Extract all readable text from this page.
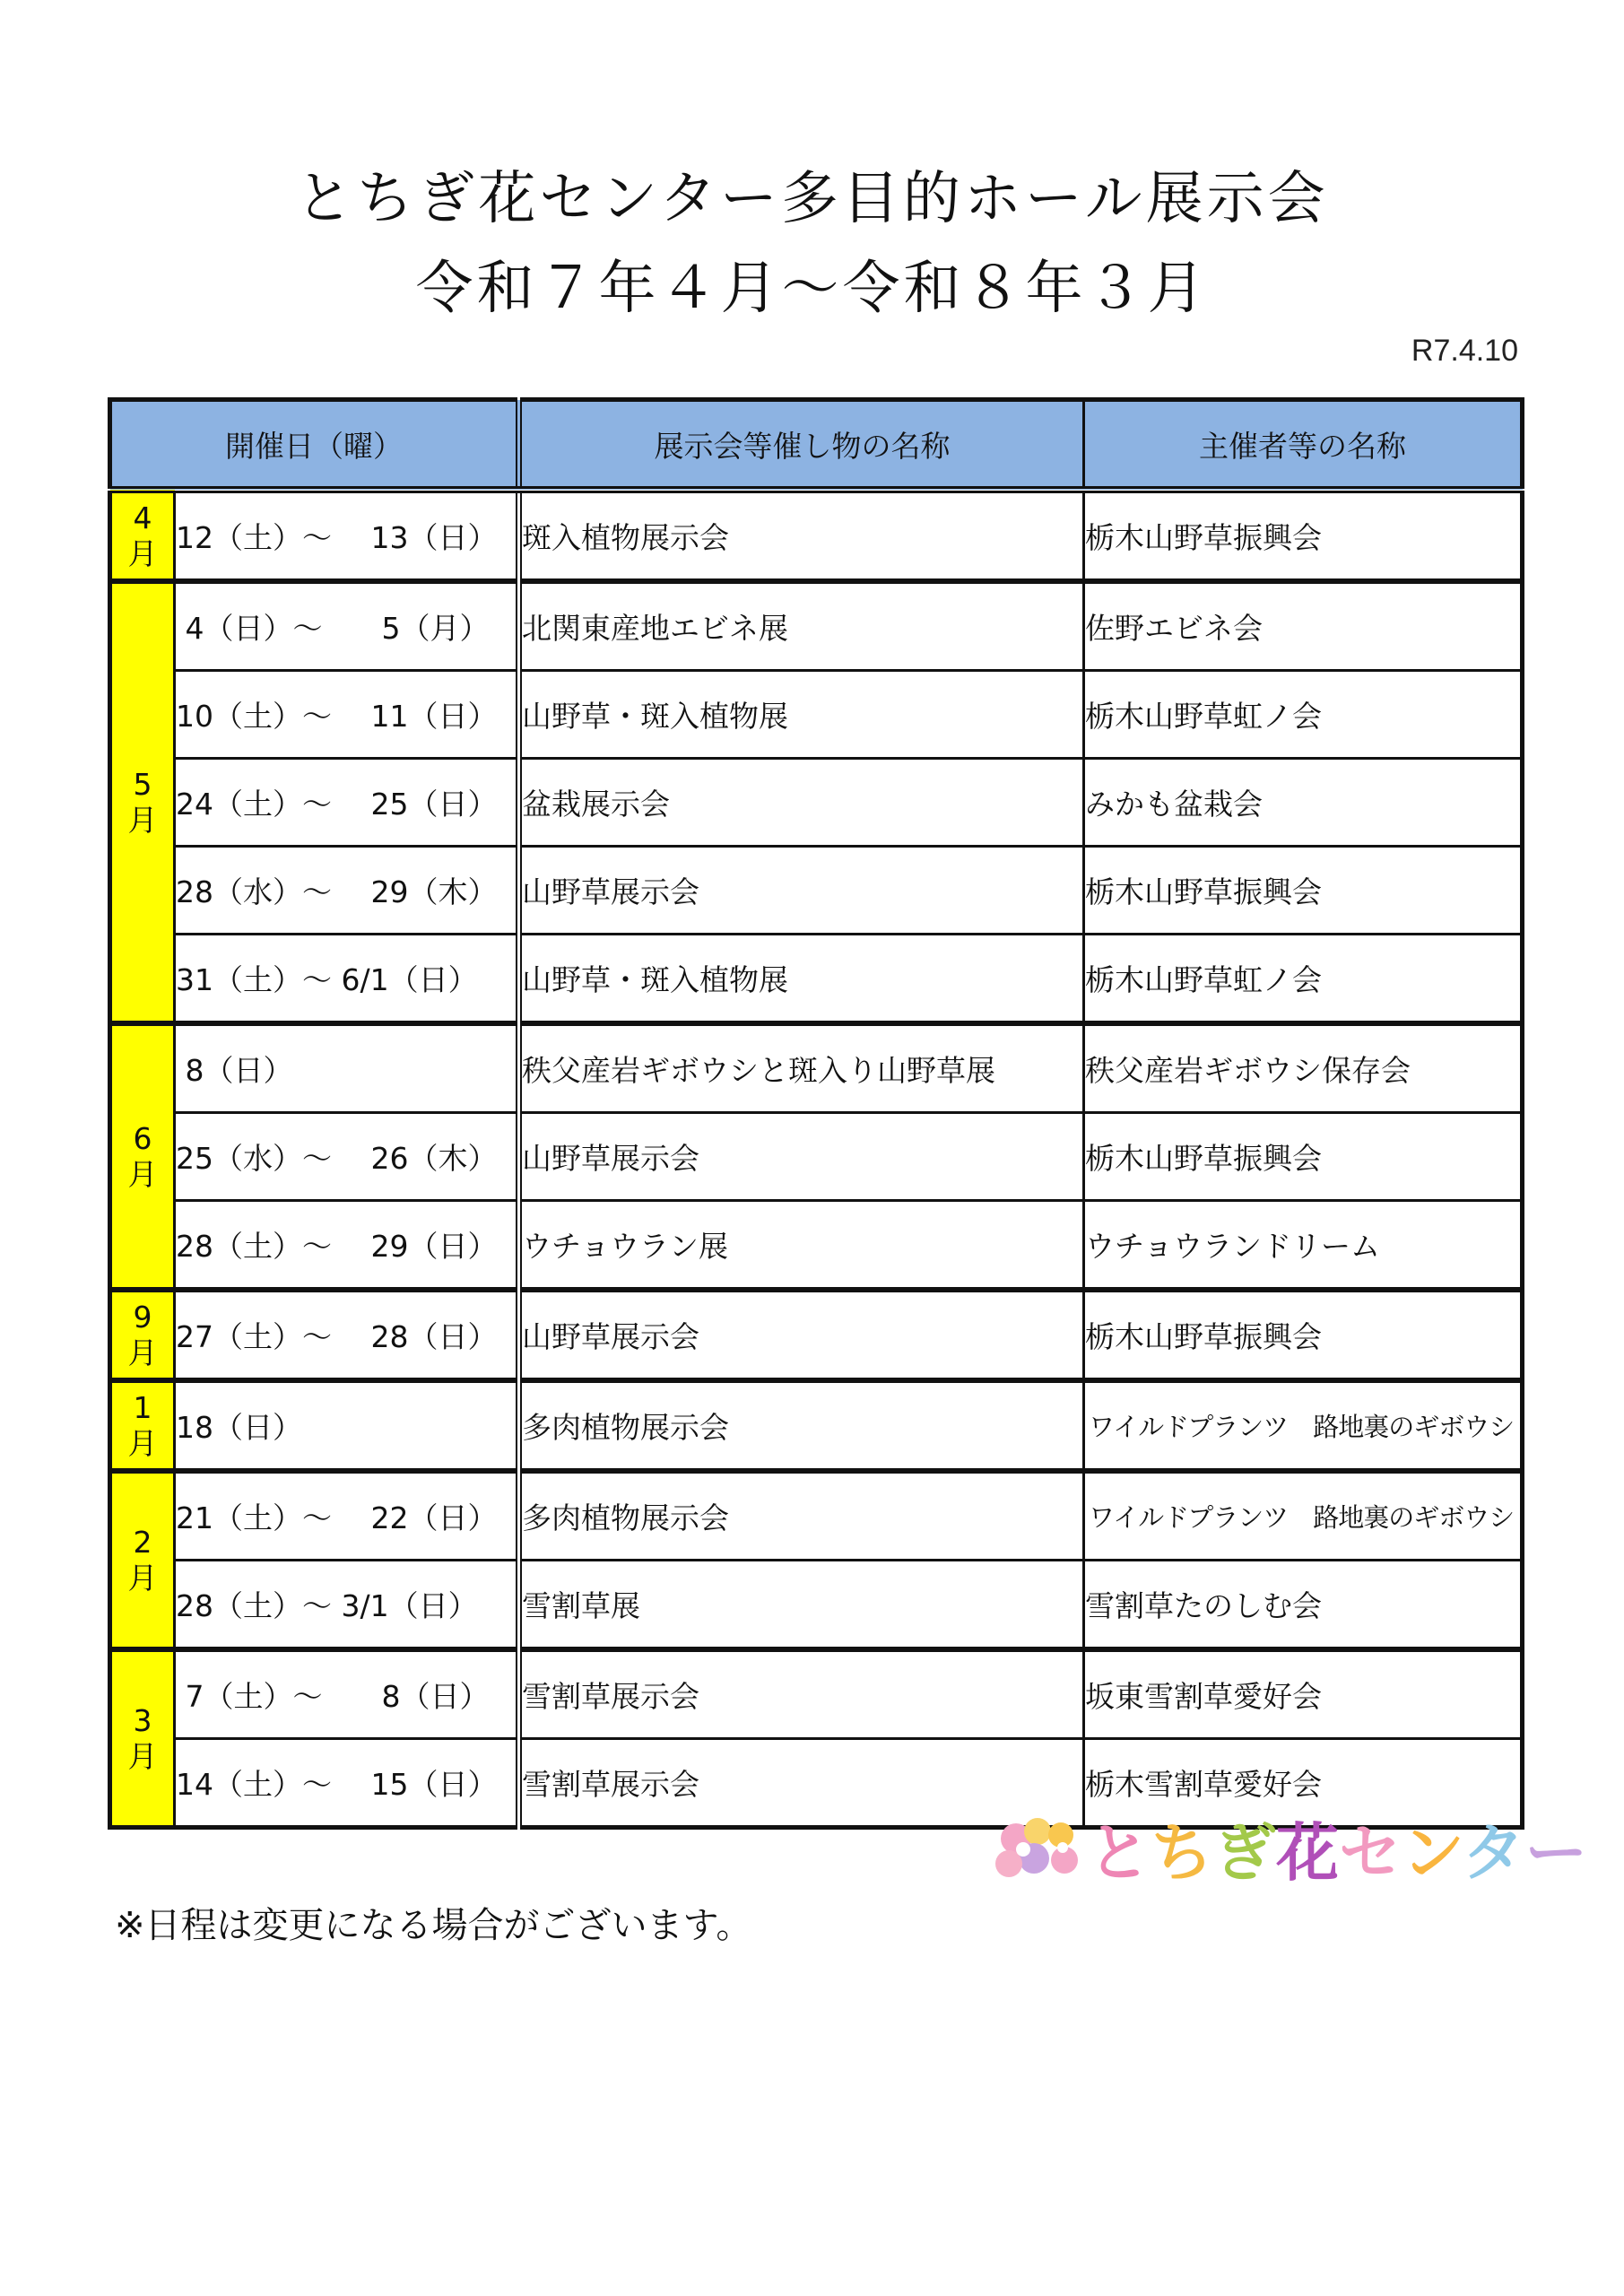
とちぎ花センター多目的ホール展示会
令和７年４月～令和８年３月
R7.4.10
開催日（曜）		展示会等催し物の名称	主催者等の名称

4
月	12（土）～　 13（日）	斑入植物展示会	栃木山野草振興会

5
月	4（日）～　　5（月）	北関東産地エビネ展	佐野エビネ会
	10（土）～　 11（日）	山野草・斑入植物展	栃木山野草虹ノ会
	24（土）～　 25（日）	盆栽展示会	みかも盆栽会
	28（水）～　 29（木）	山野草展示会	栃木山野草振興会
	31（土）～ 6/1（日）	山野草・斑入植物展	栃木山野草虹ノ会

6
月	8（日）	秩父産岩ギボウシと斑入り山野草展	秩父産岩ギボウシ保存会
	25（水）～　 26（木）	山野草展示会	栃木山野草振興会
	28（土）～　 29（日）	ウチョウラン展	ウチョウランドリーム

9
月	27（土）～　 28（日）	山野草展示会	栃木山野草振興会

1
月	18（日）	多肉植物展示会	ワイルドプランツ　路地裏のギボウシ

2
月	21（土）～　 22（日）	多肉植物展示会	ワイルドプランツ　路地裏のギボウシ
	28（土）～ 3/1（日）	雪割草展	雪割草たのしむ会

3
月	7（土）～　　8（日）	雪割草展示会	坂東雪割草愛好会
	14（土）～　 15（日）	雪割草展示会	栃木雪割草愛好会
とちぎ花センター
※日程は変更になる場合がございます。
